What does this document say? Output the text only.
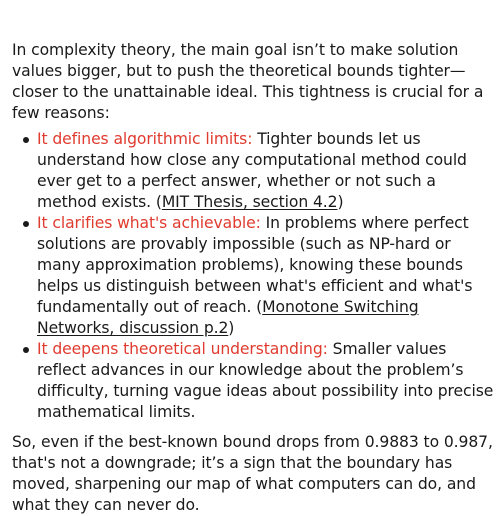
In complexity theory, the main goal isn’t to make solution values bigger, but to push the theoretical bounds tighter—closer to the unattainable ideal. This tightness is crucial for a few reasons:

It defines algorithmic limits: Tighter bounds let us understand how close any computational method could ever get to a perfect answer, whether or not such a method exists. (MIT Thesis, section 4.2)
It clarifies what's achievable: In problems where perfect solutions are provably impossible (such as NP-hard or many approximation problems), knowing these bounds helps us distinguish between what's efficient and what's fundamentally out of reach. (Monotone Switching Networks, discussion p.2)
It deepens theoretical understanding: Smaller values reflect advances in our knowledge about the problem’s difficulty, turning vague ideas about possibility into precise mathematical limits.

So, even if the best-known bound drops from 0.9883 to 0.987, that's not a downgrade; it’s a sign that the boundary has moved, sharpening our map of what computers can do, and what they can never do.
